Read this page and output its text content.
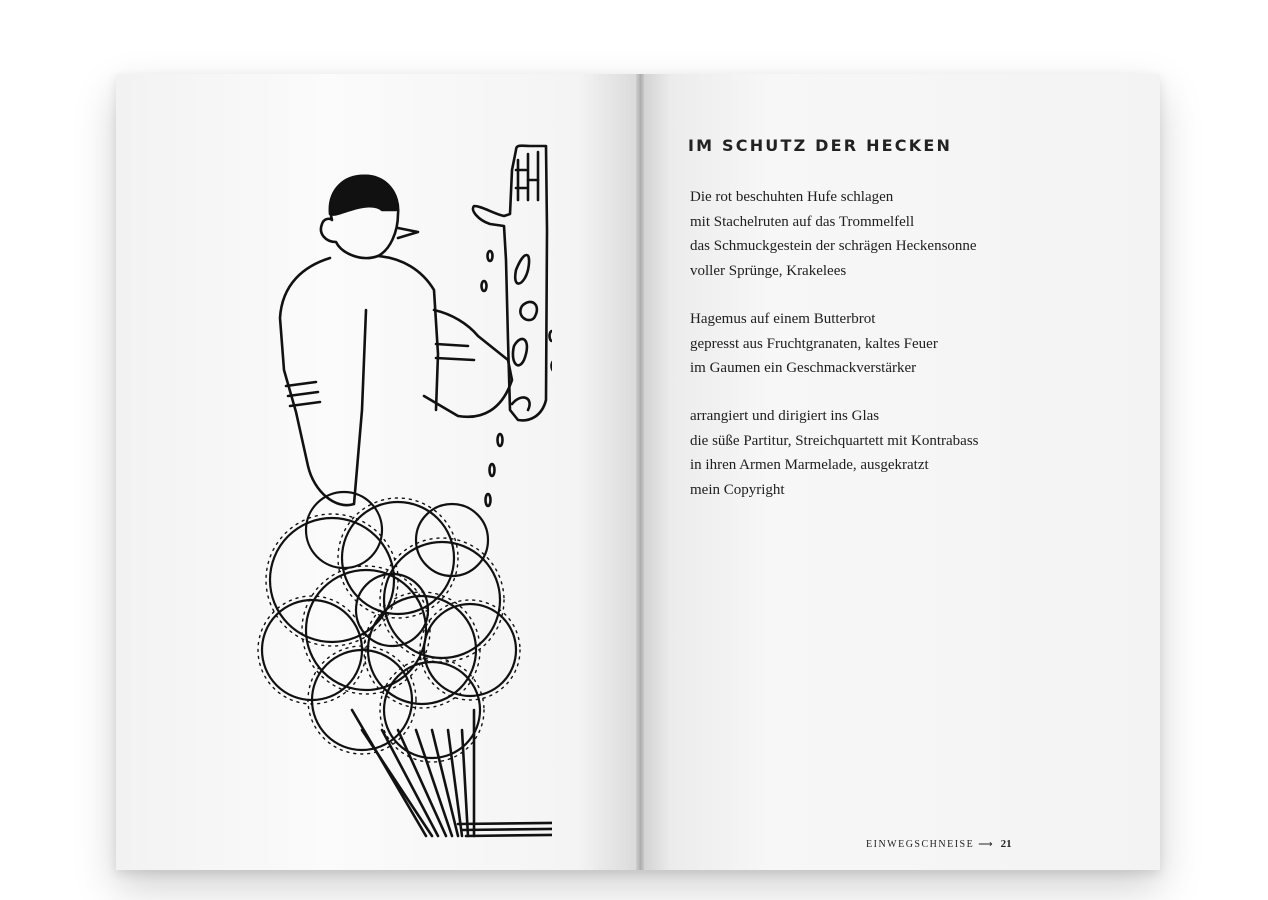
IM SCHUTZ DER HECKEN
Die rot beschuhten Hufe schlagen
mit Stachelruten auf das Trommelfell
das Schmuckgestein der schrägen Heckensonne
voller Sprünge, Krakelees
Hagemus auf einem Butterbrot
gepresst aus Fruchtgranaten, kaltes Feuer
im Gaumen ein Geschmackverstärker
arrangiert und dirigiert ins Glas
die süße Partitur, Streichquartett mit Kontrabass
in ihren Armen Marmelade, ausgekratzt
mein Copyright
EINWEGSCHNEISE ⟶ 21
